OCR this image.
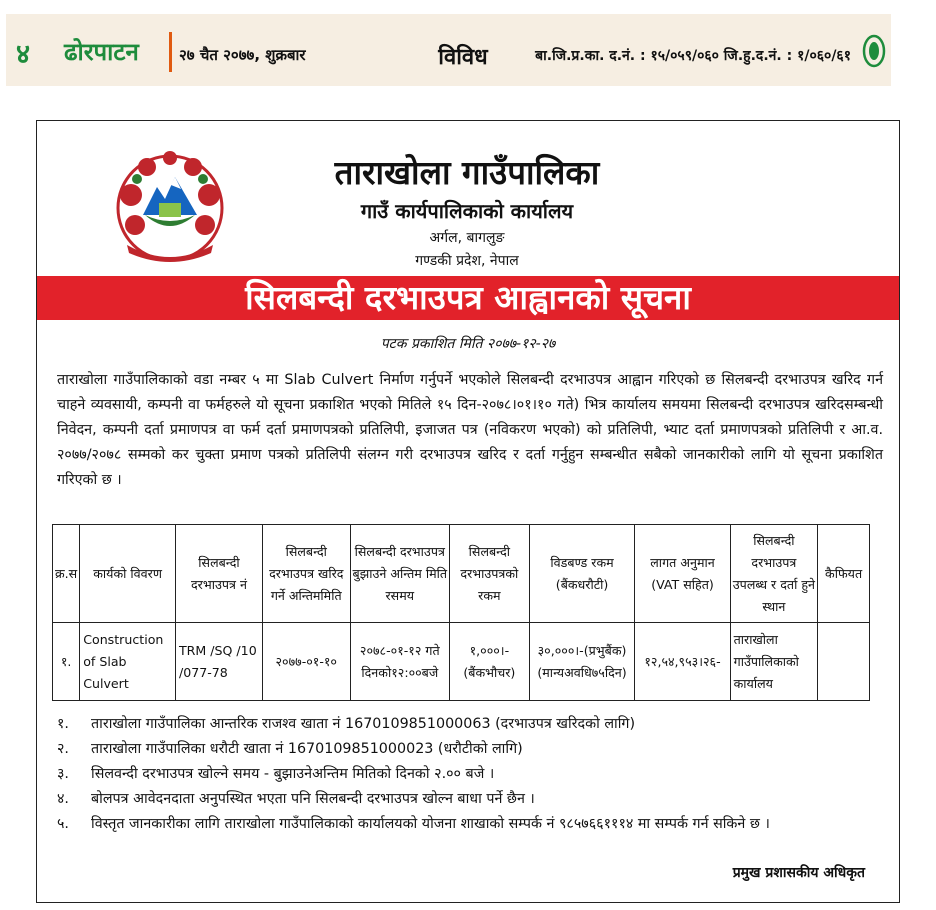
४ ढोरपाटन	२७ चैत २०७७, शुक्रबार	विविध	बा.जि.प्र.का. द.नं. : १५/०५९/०६० जि.हु.द.नं. : १/०६०/६१
ताराखोला गाउँपालिका
गाउँ कार्यपालिकाको कार्यालय
अर्गल, बागलुङ
गण्डकी प्रदेश, नेपाल
सिलबन्दी दरभाउपत्र आह्वानको सूचना
पटक प्रकाशित मिति २०७७-१२-२७

ताराखोला गाउँपालिकाको वडा नम्बर ५ मा Slab Culvert निर्माण गर्नुपर्ने भएकोले सिलबन्दी दरभाउपत्र आह्वान गरिएको छ सिलबन्दी दरभाउपत्र खरिद गर्न चाहने व्यवसायी, कम्पनी वा फर्महरुले यो सूचना प्रकाशित भएको मितिले १५ दिन-२०७८।०१।१० गते) भित्र कार्यालय समयमा सिलबन्दी दरभाउपत्र खरिदसम्बन्धी निवेदन, कम्पनी दर्ता प्रमाणपत्र वा फर्म दर्ता प्रमाणपत्रको प्रतिलिपी, इजाजत पत्र (नविकरण भएको) को प्रतिलिपी, भ्याट दर्ता प्रमाणपत्रको प्रतिलिपी र आ.व. २०७७/२०७८ सम्मको कर चुक्ता प्रमाण पत्रको प्रतिलिपी संलग्न गरी दरभाउपत्र खरिद र दर्ता गर्नुहुन सम्बन्धीत सबैको जानकारीको लागि यो सूचना प्रकाशित गरिएको छ ।

क्र.स	कार्यको विवरण	सिलबन्दी दरभाउपत्र नं	सिलबन्दी दरभाउपत्र खरिद गर्ने अन्तिममिति	सिलबन्दी दरभाउपत्र बुझाउने अन्तिम मिति रसमय	सिलबन्दी दरभाउपत्रको रकम	विडबण्ड रकम (बैंकधरौटी)	लागत अनुमान (VAT सहित)	सिलबन्दी दरभाउपत्र उपलब्ध र दर्ता हुने स्थान	कैफियत
१.	Construction of Slab Culvert	TRM /SQ /10 /077-78	२०७७-०१-१०	२०७८-०१-१२ गते दिनको१२:००बजे	१,०००।- (बैंकभौचर)	३०,०००।-(प्रभुबैंक) (मान्यअवधि७५दिन)	१२,५४,९५३।२६-	ताराखोला गाउँपालिकाको कार्यालय	
१.	ताराखोला गाउँपालिका आन्तरिक राजश्व खाता नं 1670109851000063 (दरभाउपत्र खरिदको लागि)
२.	ताराखोला गाउँपालिका धरौटी खाता नं 1670109851000023 (धरौटीको लागि)
३.	सिलवन्दी दरभाउपत्र खोल्ने समय - बुझाउनेअन्तिम मितिको दिनको २.०० बजे ।
४.	बोलपत्र आवेदनदाता अनुपस्थित भएता पनि सिलबन्दी दरभाउपत्र खोल्न बाधा पर्ने छैन ।
५.	विस्तृत जानकारीका लागि ताराखोला गाउँपालिकाको कार्यालयको योजना शाखाको सम्पर्क नं ९८५७६६१११४ मा सम्पर्क गर्न सकिने छ ।
प्रमुख प्रशासकीय अधिकृत
